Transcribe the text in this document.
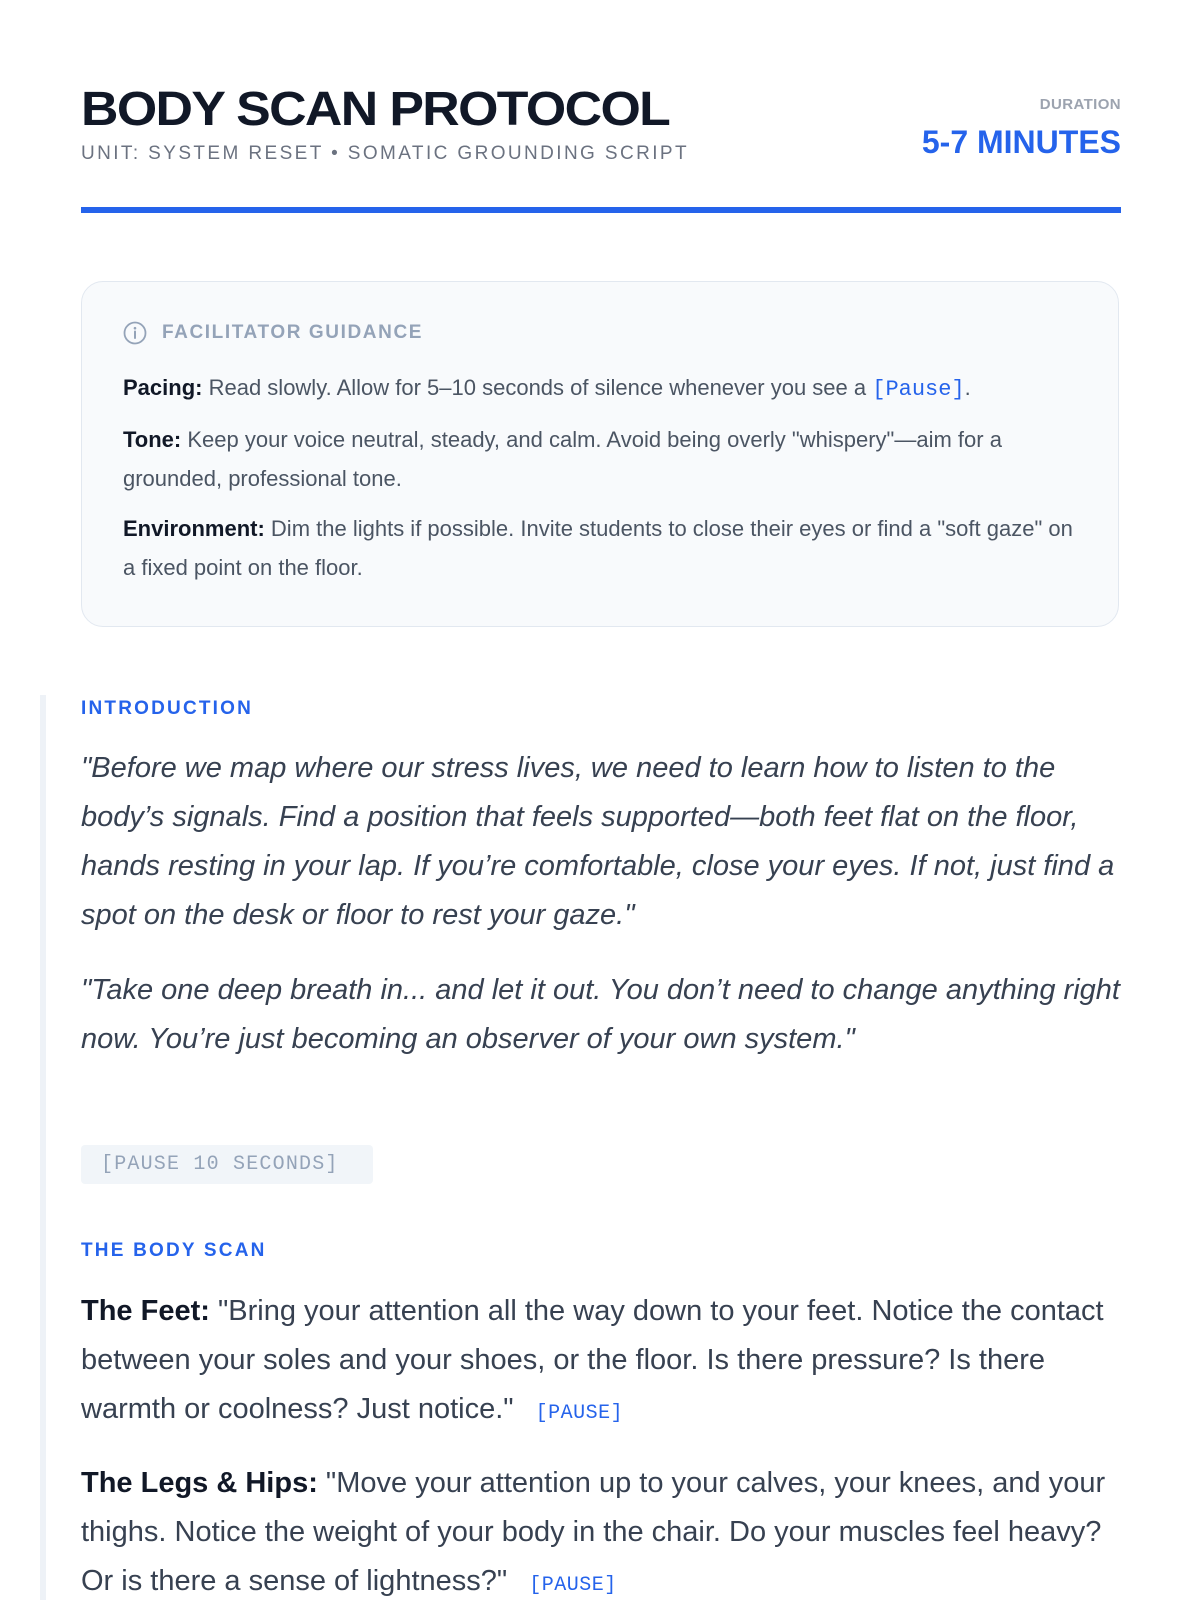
BODY SCAN PROTOCOL
UNIT: SYSTEM RESET • SOMATIC GROUNDING SCRIPT
DURATION
5-7 MINUTES
FACILITATOR GUIDANCE

Pacing: Read slowly. Allow for 5–10 seconds of silence whenever you see a [Pause].

Tone: Keep your voice neutral, steady, and calm. Avoid being overly "whispery"—aim for a grounded, professional tone.

Environment: Dim the lights if possible. Invite students to close their eyes or find a "soft gaze" on a fixed point on the floor.

INTRODUCTION

"Before we map where our stress lives, we need to learn how to listen to the body’s signals. Find a position that feels supported—both feet flat on the floor, hands resting in your lap. If you’re comfortable, close your eyes. If not, just find a spot on the desk or floor to rest your gaze."

"Take one deep breath in... and let it out. You don’t need to change anything right now. You’re just becoming an observer of your own system."

[PAUSE 10 SECONDS]
THE BODY SCAN

The Feet: "Bring your attention all the way down to your feet. Notice the contact between your soles and your shoes, or the floor. Is there pressure? Is there warmth or coolness? Just notice." [PAUSE]

The Legs & Hips: "Move your attention up to your calves, your knees, and your thighs. Notice the weight of your body in the chair. Do your muscles feel heavy? Or is there a sense of lightness?" [PAUSE]
